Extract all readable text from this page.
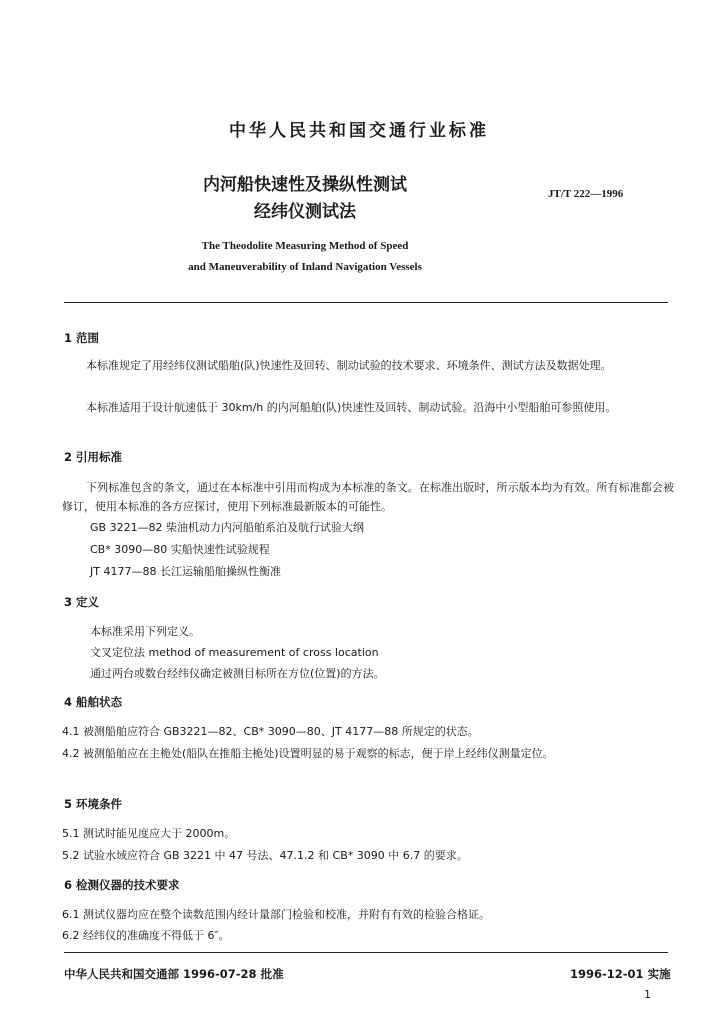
中华人民共和国交通行业标准
内河船快速性及操纵性测试
经纬仪测试法
JT/T 222—1996
The Theodolite Measuring Method of Speed
and Maneuverability of Inland Navigation Vessels
1 范围
本标准规定了用经纬仪测试船舶(队)快速性及回转、制动试验的技术要求、环境条件、测试方法及数据处理。
本标准适用于设计航速低于 30km/h 的内河船舶(队)快速性及回转、制动试验。沿海中小型船舶可参照使用。
2 引用标准
下列标准包含的条文，通过在本标准中引用而构成为本标准的条文。在标准出版时，所示版本均为有效。所有标准都会被修订，使用本标准的各方应探讨，使用下列标准最新版本的可能性。
GB 3221—82 柴油机动力内河船舶系泊及航行试验大纲
CB* 3090—80 实船快速性试验规程
JT 4177—88 长江运输船舶操纵性衡准
3 定义
本标准采用下列定义。
文叉定位法 method of measurement of cross location
通过两台或数台经纬仪确定被测目标所在方位(位置)的方法。
4 船舶状态
4.1 被测船舶应符合 GB3221—82、CB* 3090—80、JT 4177—88 所规定的状态。
4.2 被测船舶应在主桅处(船队在推船主桅处)设置明显的易于观察的标志，便于岸上经纬仪测量定位。
5 环境条件
5.1 测试时能见度应大于 2000m。
5.2 试验水域应符合 GB 3221 中 47 号法、47.1.2 和 CB* 3090 中 6.7 的要求。
6 检测仪器的技术要求
6.1 测试仪器均应在整个读数范围内经计量部门检验和校准，并附有有效的检验合格证。
6.2 经纬仪的准确度不得低于 6″。
中华人民共和国交通部 1996-07-28 批准	1996-12-01 实施
1
